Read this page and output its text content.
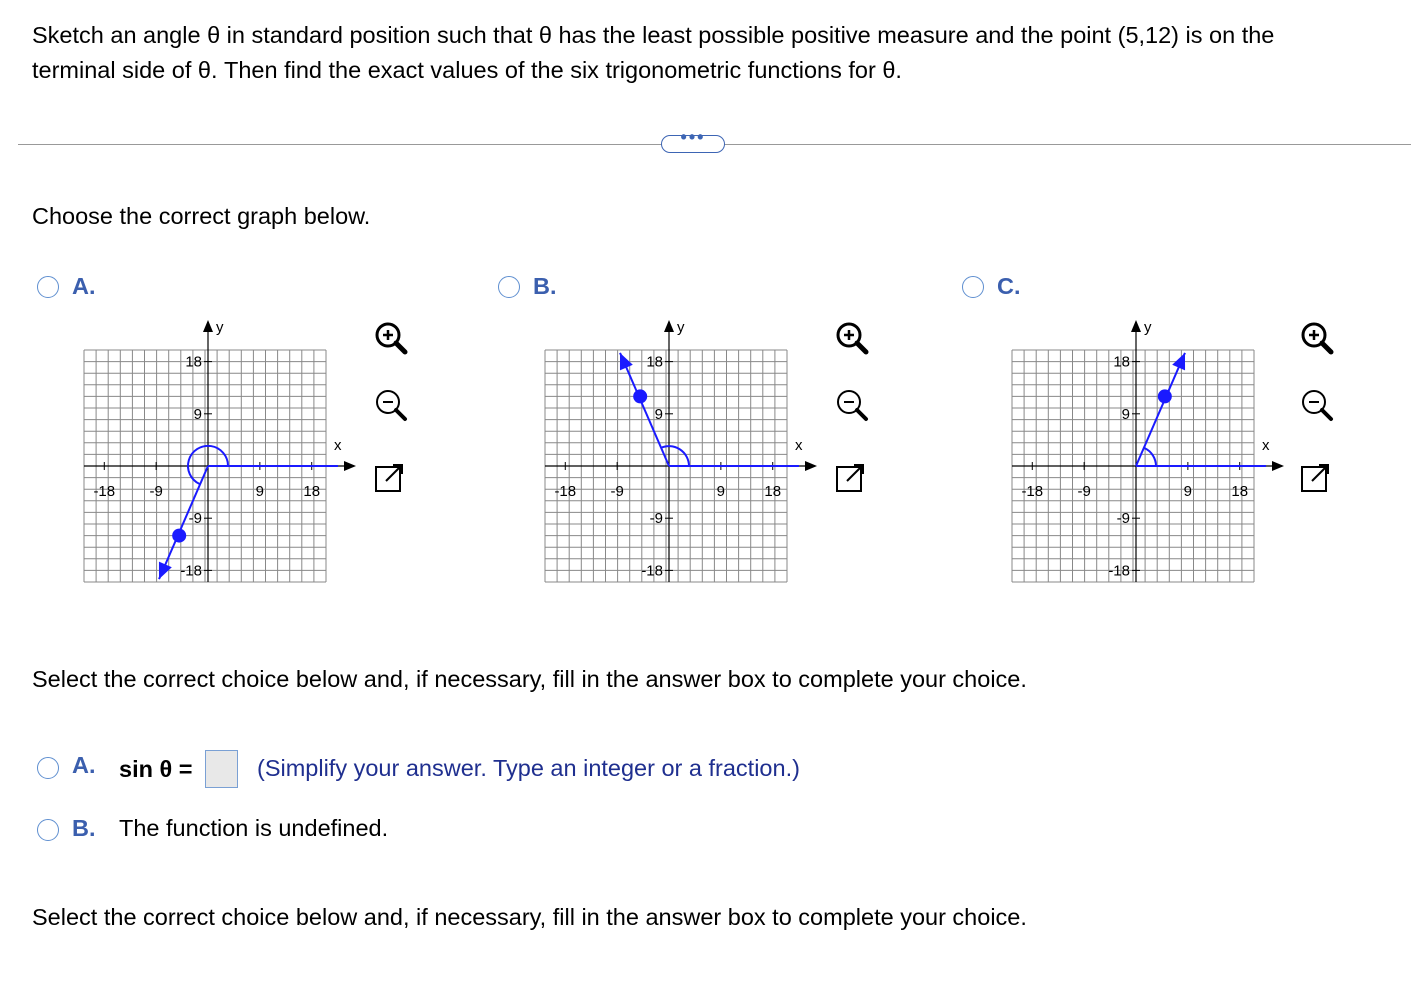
Sketch an angle θ in standard position such that θ has the least possible positive measure and the point (5,12) is on the
terminal side of θ. Then find the exact values of the six trigonometric functions for θ.
•••
Choose the correct graph below.
A.	B.	C.
x
y
-18 -9	9	18
18
9
-9
-18
x
y
-18 -9	9	18
18
9
-9
-18
x
y
-18 -9	9	18
18
9
-9
-18
Select the correct choice below and, if necessary, fill in the answer box to complete your choice.
A. sin θ =	(Simplify your answer. Type an integer or a fraction.)
B. The function is undefined.
Select the correct choice below and, if necessary, fill in the answer box to complete your choice.
